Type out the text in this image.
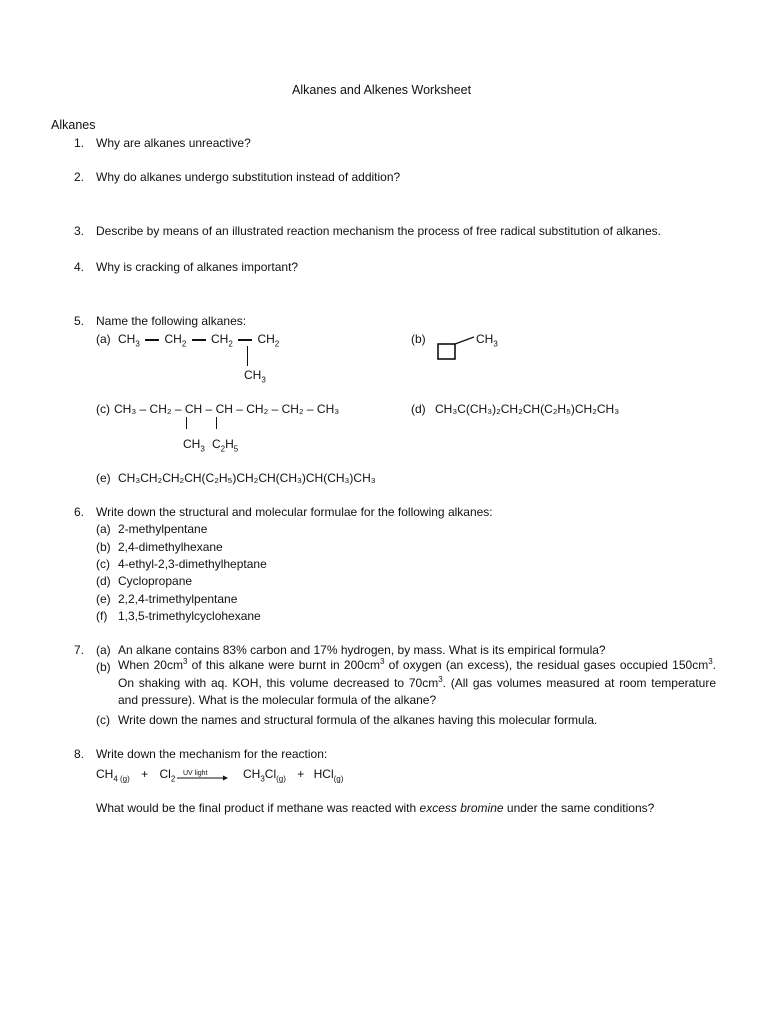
Alkanes and Alkenes Worksheet
Alkanes
1. Why are alkanes unreactive?
2. Why do alkanes undergo substitution instead of addition?
3. Describe by means of an illustrated reaction mechanism the process of free radical substitution of alkanes.
4. Why is cracking of alkanes important?
5. Name the following alkanes:
(a) $CH_3$ $CH_2$ $CH_2$ $CH_2$
$CH_3$
(b)	$CH_3$
(c) CH₃ – CH₂ – CH – CH – CH₂ – CH₂ – CH₃
$CH_3$ $C_2H_5$
(d) CH₃C(CH₃)₂CH₂CH(C₂H₅)CH₂CH₃
(e) CH₃CH₂CH₂CH(C₂H₅)CH₂CH(CH₃)CH(CH₃)CH₃
6. Write down the structural and molecular formulae for the following alkanes:
(a) 2-methylpentane
(b) 2,4-dimethylhexane
(c) 4-ethyl-2,3-dimethylheptane
(d) Cyclopropane
(e) 2,2,4-trimethylpentane
(f) 1,3,5-trimethylcyclohexane
7. (a) An alkane contains 83% carbon and 17% hydrogen, by mass. What is its empirical formula?
(b) When $20cm^3$ of this alkane were burnt in $200cm^3$ of oxygen (an excess), the residual gases occupied $150cm^3$. On shaking with aq. KOH, this volume decreased to $70cm^3$. (All gas volumes measured at room temperature and pressure). What is the molecular formula of the alkane?
(c) Write down the names and structural formula of the alkanes having this molecular formula.
8. Write down the mechanism for the reaction:
$CH_{4 (g)} + Cl_2$
UV light	$CH_3Cl_{(g)} + HCl_{(g)}$
What would be the final product if methane was reacted with excess bromine under the same conditions?
